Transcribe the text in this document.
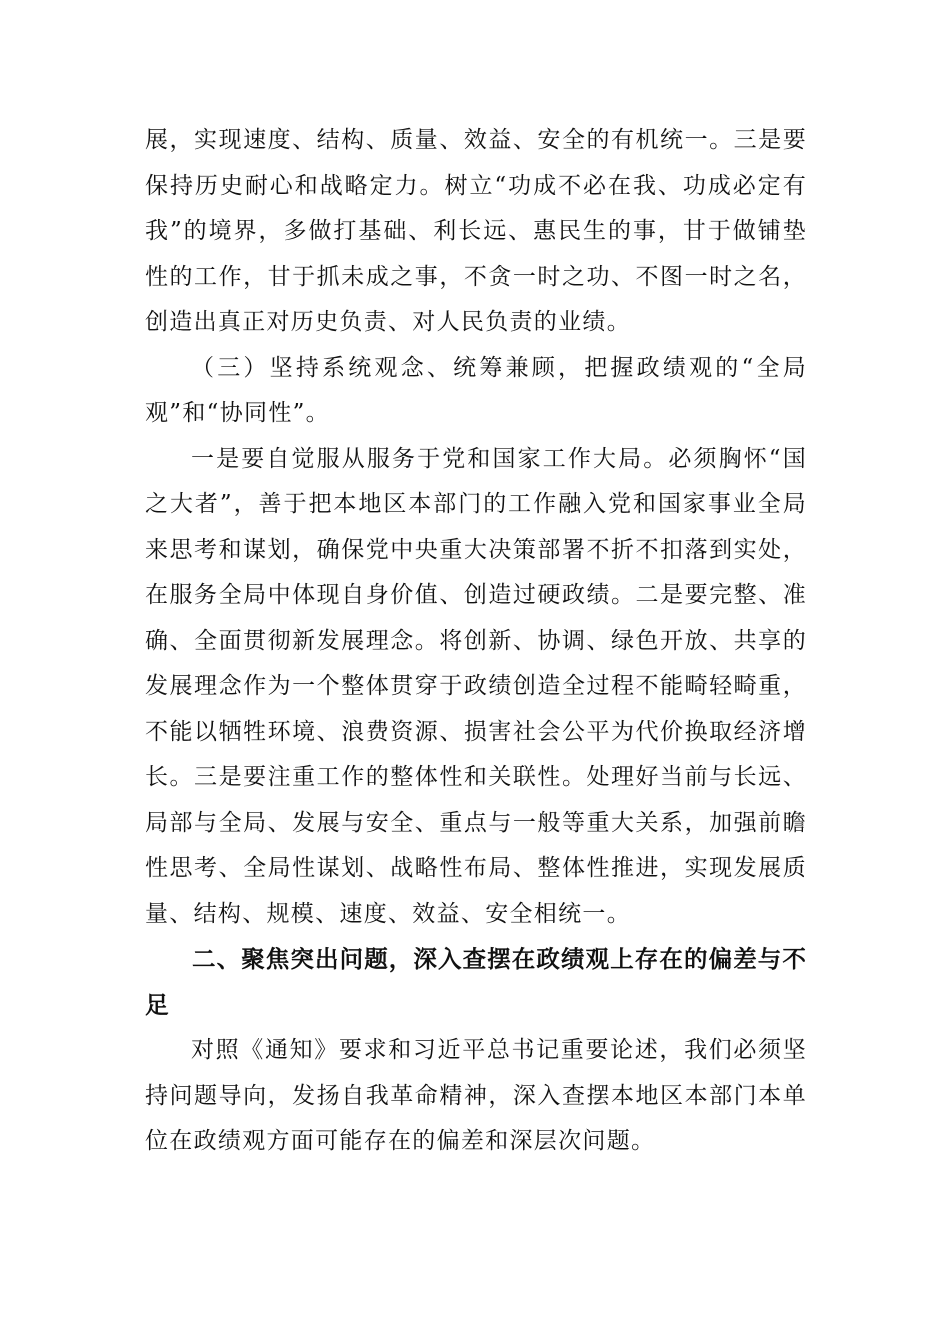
展，实现速度、结构、质量、效益、安全的有机统一。三是要保持历史耐心和战略定力。树立“功成不必在我、功成必定有我”的境界，多做打基础、利长远、惠民生的事，甘于做铺垫性的工作，甘于抓未成之事，不贪一时之功、不图一时之名，创造出真正对历史负责、对人民负责的业绩。

（三）坚持系统观念、统筹兼顾，把握政绩观的“全局观”和“协同性”。

一是要自觉服从服务于党和国家工作大局。必须胸怀“国之大者”，善于把本地区本部门的工作融入党和国家事业全局来思考和谋划，确保党中央重大决策部署不折不扣落到实处，在服务全局中体现自身价值、创造过硬政绩。二是要完整、准确、全面贯彻新发展理念。将创新、协调、绿色开放、共享的发展理念作为一个整体贯穿于政绩创造全过程不能畸轻畸重，不能以牺牲环境、浪费资源、损害社会公平为代价换取经济增长。三是要注重工作的整体性和关联性。处理好当前与长远、局部与全局、发展与安全、重点与一般等重大关系，加强前瞻性思考、全局性谋划、战略性布局、整体性推进，实现发展质量、结构、规模、速度、效益、安全相统一。

二、聚焦突出问题，深入查摆在政绩观上存在的偏差与不足

对照《通知》要求和习近平总书记重要论述，我们必须坚持问题导向，发扬自我革命精神，深入查摆本地区本部门本单位在政绩观方面可能存在的偏差和深层次问题。
